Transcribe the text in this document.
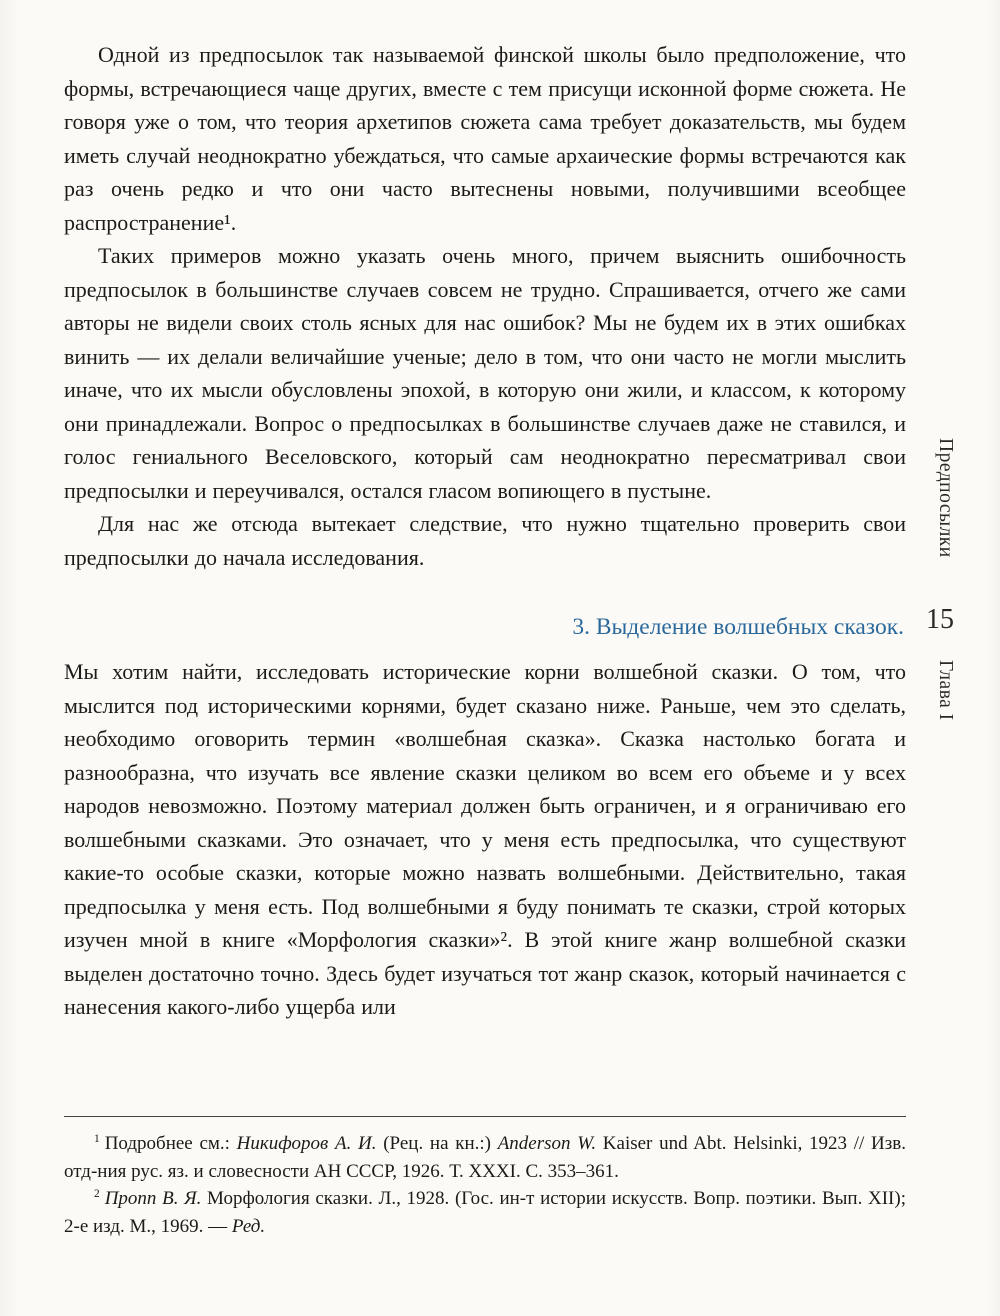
Одной из предпосылок так называемой финской школы было предположение, что формы, встречающиеся чаще других, вместе с тем присущи исконной форме сюжета. Не говоря уже о том, что теория архетипов сюжета сама требует доказательств, мы будем иметь случай неоднократно убеждаться, что самые архаические формы встречаются как раз очень редко и что они часто вытеснены новыми, получившими всеобщее распространение¹.

Таких примеров можно указать очень много, причем выяснить ошибочность предпосылок в большинстве случаев совсем не трудно. Спрашивается, отчего же сами авторы не видели своих столь ясных для нас ошибок? Мы не будем их в этих ошибках винить — их делали величайшие ученые; дело в том, что они часто не могли мыслить иначе, что их мысли обусловлены эпохой, в которую они жили, и классом, к которому они принадлежали. Вопрос о предпосылках в большинстве случаев даже не ставился, и голос гениального Веселовского, который сам неоднократно пересматривал свои предпосылки и переучивался, остался гласом вопиющего в пустыне.

Для нас же отсюда вытекает следствие, что нужно тщательно проверить свои предпосылки до начала исследования.

3. Выделение волшебных сказок.

Мы хотим найти, исследовать исторические корни волшебной сказки. О том, что мыслится под историческими корнями, будет сказано ниже. Раньше, чем это сделать, необходимо оговорить термин «волшебная сказка». Сказка настолько богата и разнообразна, что изучать все явление сказки целиком во всем его объеме и у всех народов невозможно. Поэтому материал должен быть ограничен, и я ограничиваю его волшебными сказками. Это означает, что у меня есть предпосылка, что существуют какие-то особые сказки, которые можно назвать волшебными. Действительно, такая предпосылка у меня есть. Под волшебными я буду понимать те сказки, строй которых изучен мной в книге «Морфология сказки»². В этой книге жанр волшебной сказки выделен достаточно точно. Здесь будет изучаться тот жанр сказок, который начинается с нанесения какого-либо ущерба или

$^1$ Подробнее см.: Никифоров А. И. (Рец. на кн.:) Anderson W. Kaiser und Abt. Helsinki, 1923 // Изв. отд-ния рус. яз. и словесности АН СССР, 1926. Т. XXXI. С. 353–361.

$^2$ Пропп В. Я. Морфология сказки. Л., 1928. (Гос. ин-т истории искусств. Вопр. поэтики. Вып. XII); 2-е изд. М., 1969. — Ред.

Предпосылки
15
Глава I
